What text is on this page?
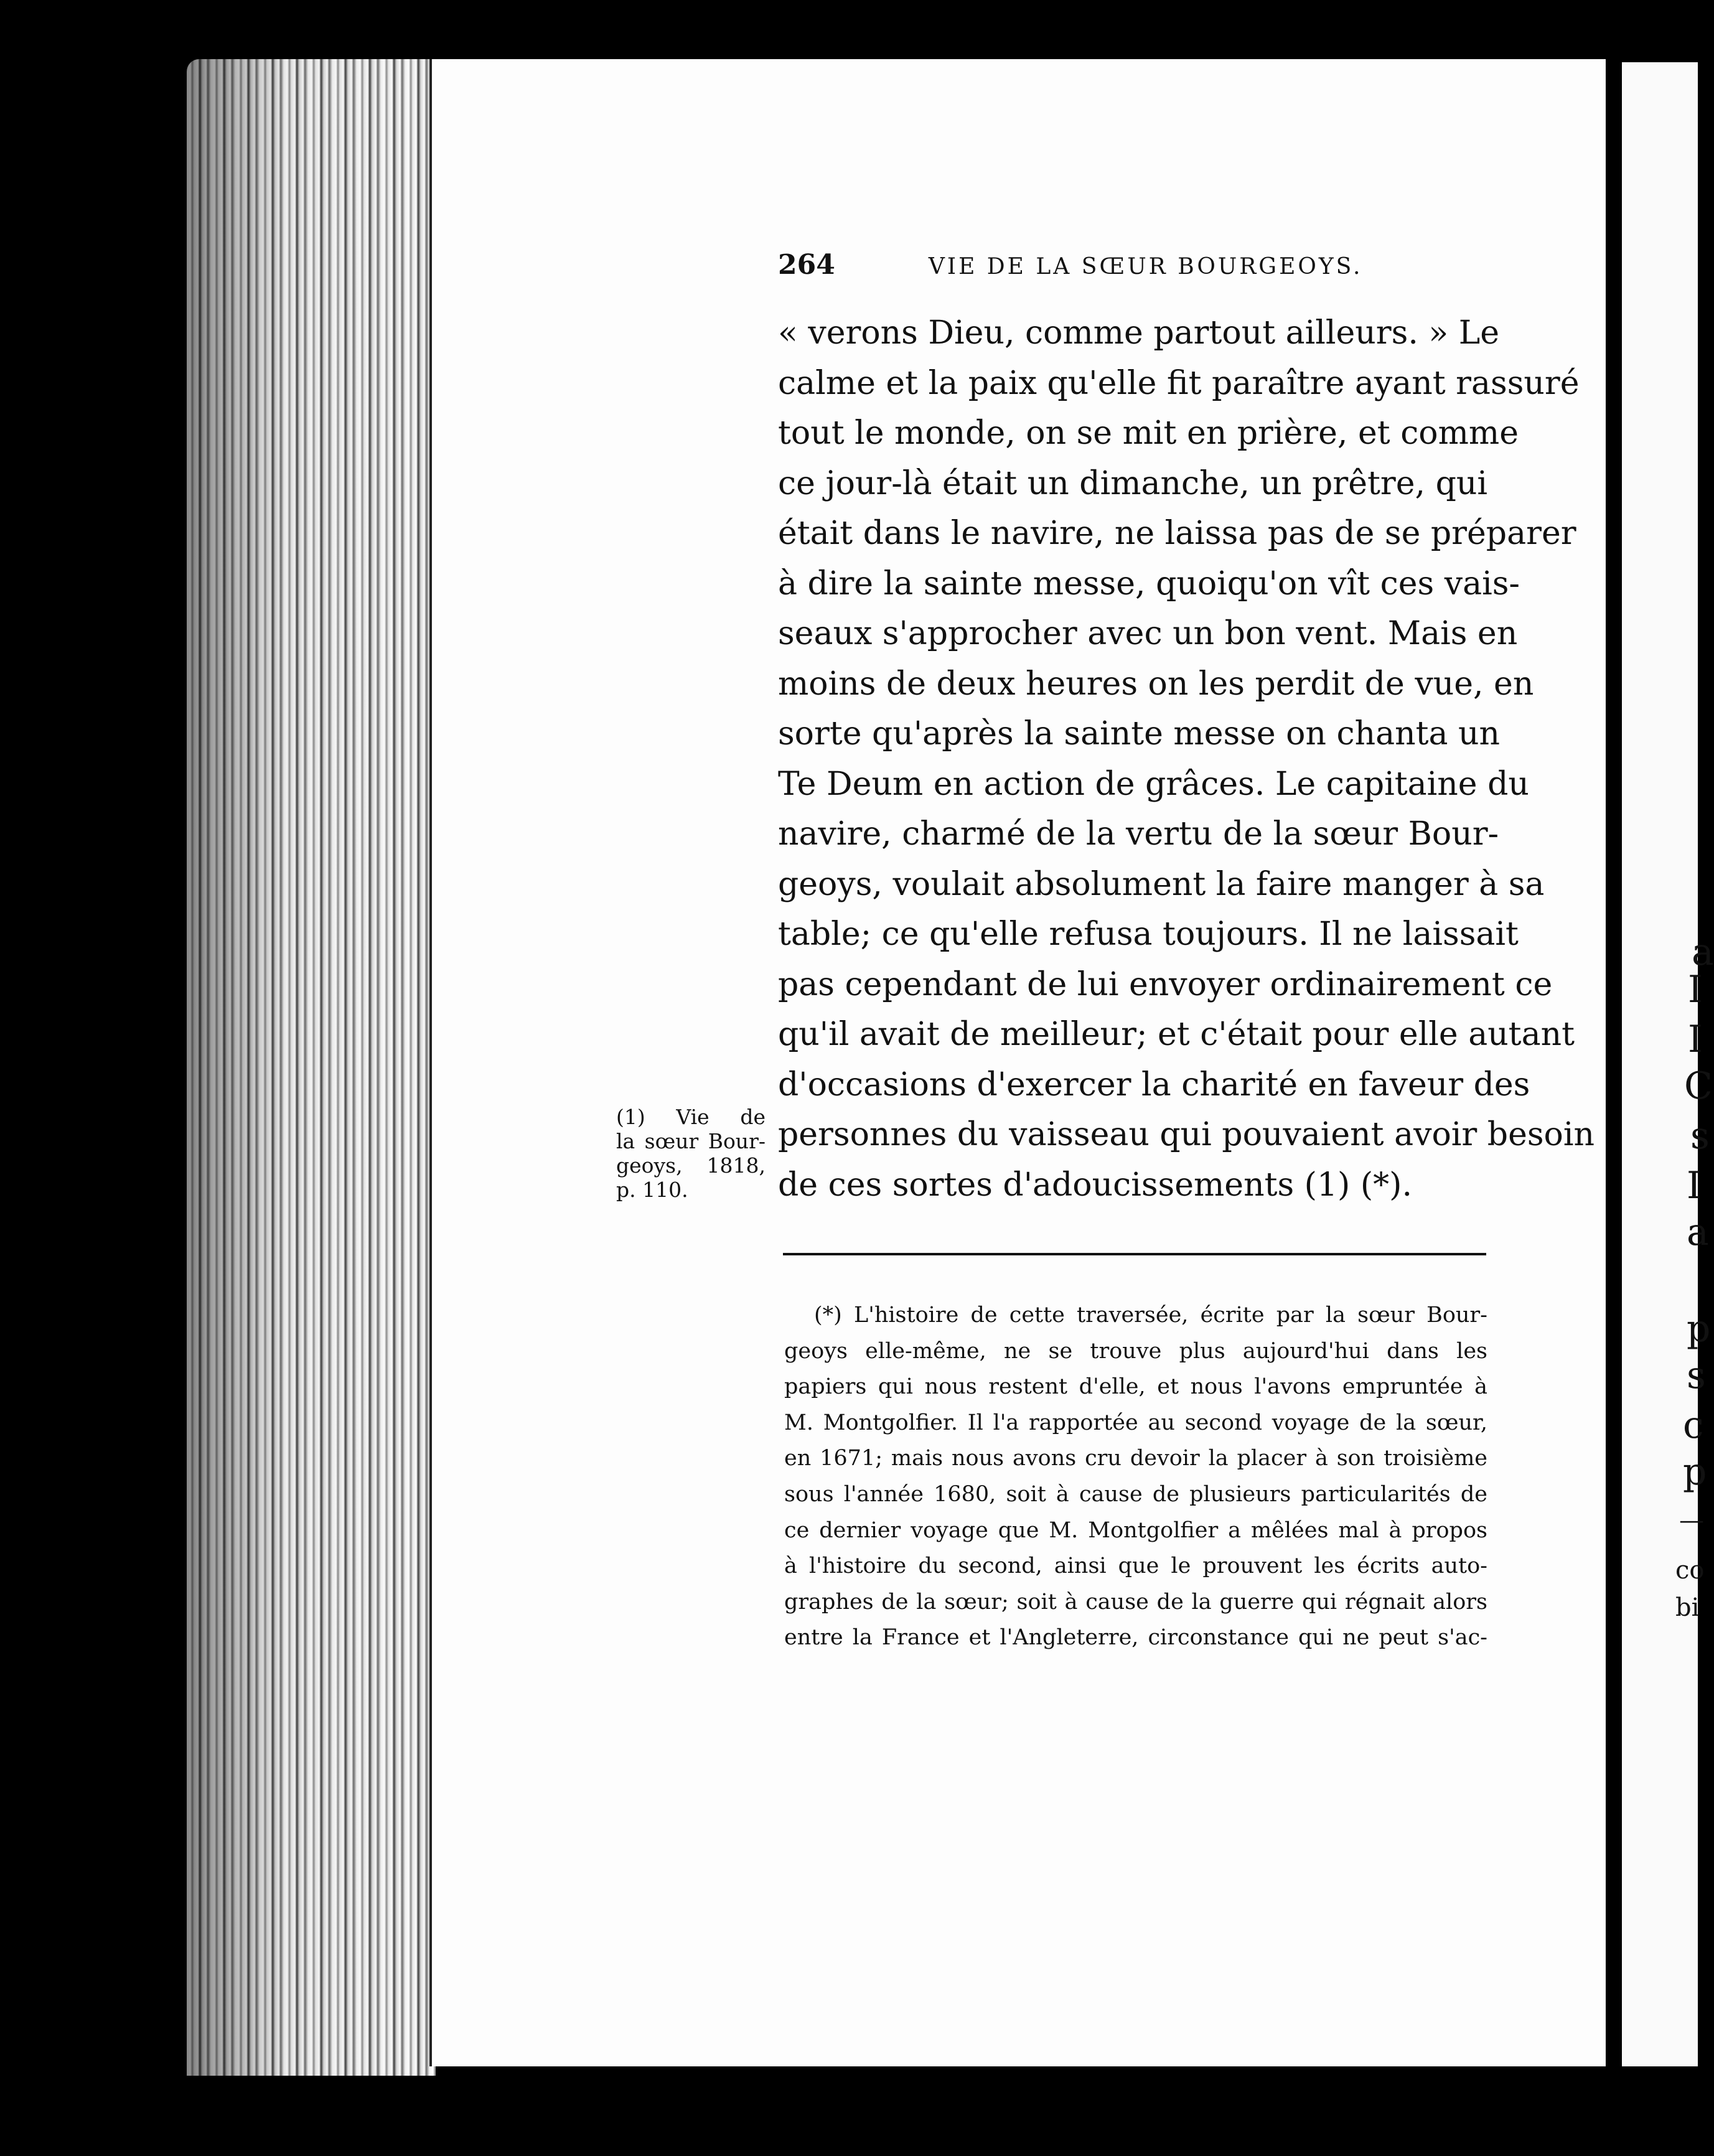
a
I
I
C
s
I
a
p
s
c
p
—
co
bi
264	VIE DE LA SŒUR BOURGEOYS.
« verons Dieu, comme partout ailleurs. » Le
calme et la paix qu'elle fit paraître ayant rassuré
tout le monde, on se mit en prière, et comme
ce jour-là était un dimanche, un prêtre, qui
était dans le navire, ne laissa pas de se préparer
à dire la sainte messe, quoiqu'on vît ces vais-
seaux s'approcher avec un bon vent. Mais en
moins de deux heures on les perdit de vue, en
sorte qu'après la sainte messe on chanta un
Te Deum en action de grâces. Le capitaine du
navire, charmé de la vertu de la sœur Bour-
geoys, voulait absolument la faire manger à sa
table; ce qu'elle refusa toujours. Il ne laissait
pas cependant de lui envoyer ordinairement ce
qu'il avait de meilleur; et c'était pour elle autant
d'occasions d'exercer la charité en faveur des
personnes du vaisseau qui pouvaient avoir besoin
de ces sortes d'adoucissements (1) (*).
(1) Vie de
la sœur Bour-
geoys, 1818,
p. 110.
(*) L'histoire de cette traversée, écrite par la sœur Bour-
geoys elle-même, ne se trouve plus aujourd'hui dans les
papiers qui nous restent d'elle, et nous l'avons empruntée à
M. Montgolfier. Il l'a rapportée au second voyage de la sœur,
en 1671; mais nous avons cru devoir la placer à son troisième
sous l'année 1680, soit à cause de plusieurs particularités de
ce dernier voyage que M. Montgolfier a mêlées mal à propos
à l'histoire du second, ainsi que le prouvent les écrits auto-
graphes de la sœur; soit à cause de la guerre qui régnait alors
entre la France et l'Angleterre, circonstance qui ne peut s'ac-
